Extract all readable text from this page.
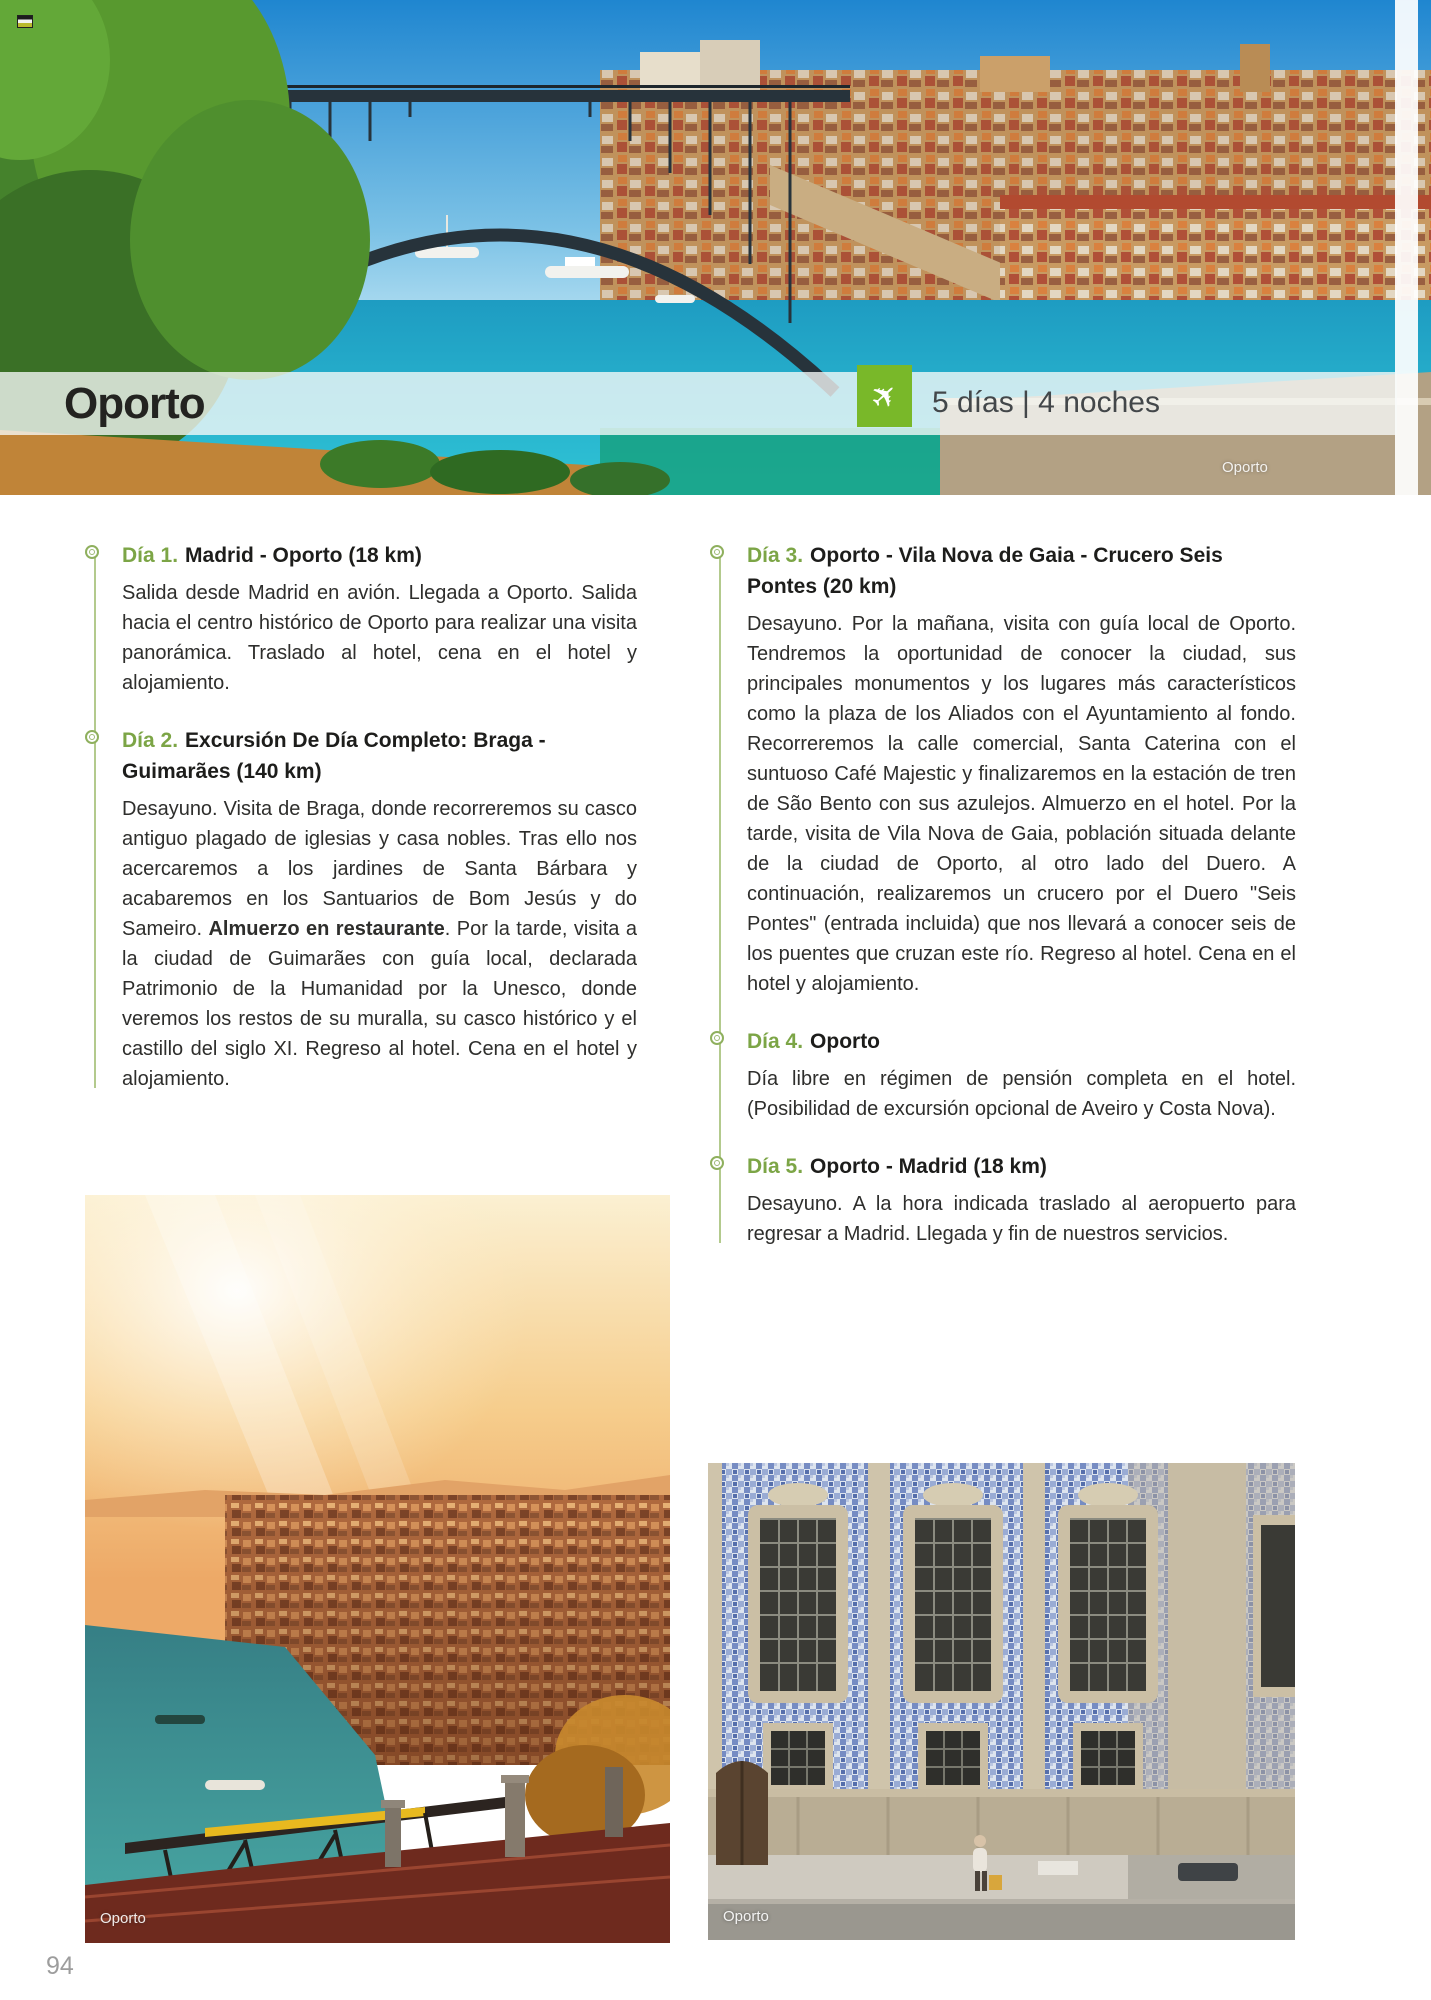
Oporto	✈ 5 días | 4 noches
Oporto
Día 1. Madrid - Oporto (18 km)

Salida desde Madrid en avión. Llegada a Oporto. Salida hacia el centro histórico de Oporto para realizar una visita panorámica. Traslado al hotel, cena en el hotel y alojamiento.

Día 2. Excursión De Día Completo: Braga - Guimarães (140 km)

Desayuno. Visita de Braga, donde recorreremos su casco antiguo plagado de iglesias y casa nobles. Tras ello nos acercaremos a los jardines de Santa Bárbara y acabaremos en los Santuarios de Bom Jesús y do Sameiro. Almuerzo en restaurante. Por la tarde, visita a la ciudad de Guimarães con guía local, declarada Patrimonio de la Humanidad por la Unesco, donde veremos los restos de su muralla, su casco histórico y el castillo del siglo XI. Regreso al hotel. Cena en el hotel y alojamiento.

Día 3. Oporto - Vila Nova de Gaia - Crucero Seis Pontes (20 km)

Desayuno. Por la mañana, visita con guía local de Oporto. Tendremos la oportunidad de conocer la ciudad, sus principales monumentos y los lugares más característicos como la plaza de los Aliados con el Ayuntamiento al fondo. Recorreremos la calle comercial, Santa Caterina con el suntuoso Café Majestic y finalizaremos en la estación de tren de São Bento con sus azulejos. Almuerzo en el hotel. Por la tarde, visita de Vila Nova de Gaia, población situada delante de la ciudad de Oporto, al otro lado del Duero. A continuación, realizaremos un crucero por el Duero "Seis Pontes" (entrada incluida) que nos llevará a conocer seis de los puentes que cruzan este río. Regreso al hotel. Cena en el hotel y alojamiento.

Día 4. Oporto

Día libre en régimen de pensión completa en el hotel. (Posibilidad de excursión opcional de Aveiro y Costa Nova).

Día 5. Oporto - Madrid (18 km)

Desayuno. A la hora indicada traslado al aeropuerto para regresar a Madrid. Llegada y fin de nuestros servicios.

Oporto	Oporto
94
